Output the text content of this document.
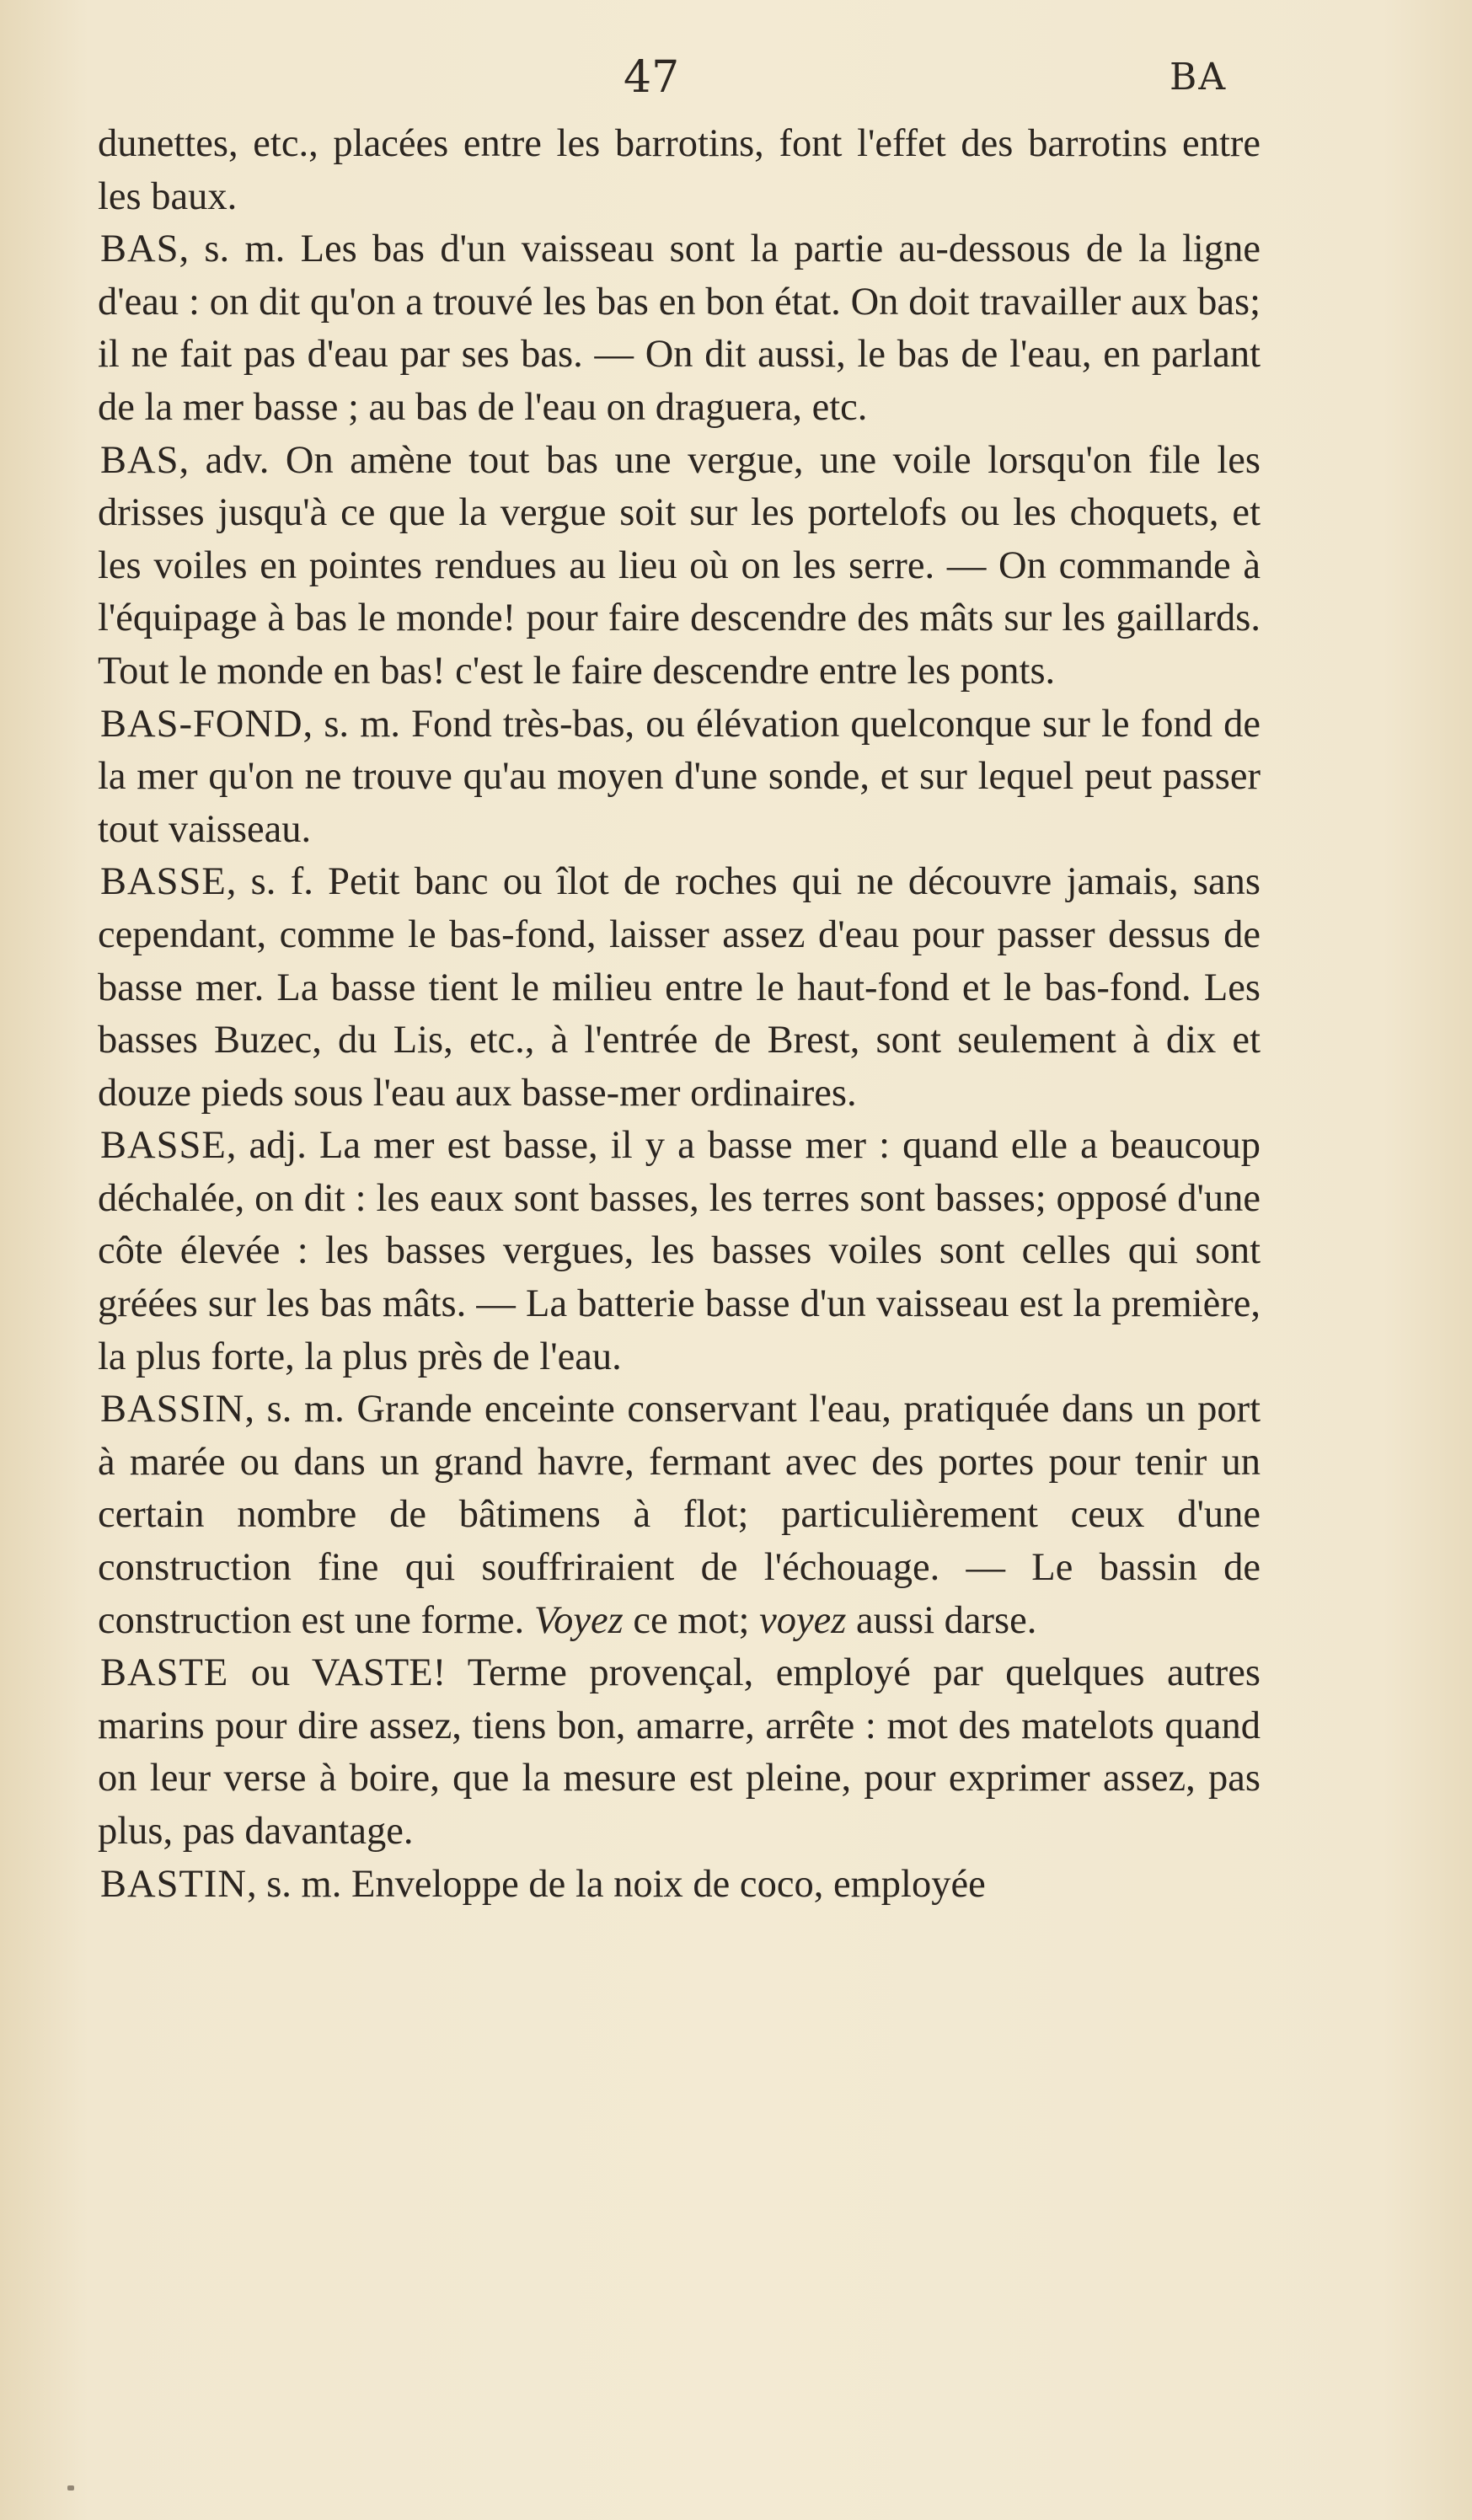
47	BA

dunettes, etc., placées entre les barrotins, font l'effet des barrotins entre les baux.

BAS, s. m. Les bas d'un vaisseau sont la partie au-dessous de la ligne d'eau : on dit qu'on a trouvé les bas en bon état. On doit travailler aux bas; il ne fait pas d'eau par ses bas. — On dit aussi, le bas de l'eau, en parlant de la mer basse ; au bas de l'eau on draguera, etc.

BAS, adv. On amène tout bas une vergue, une voile lorsqu'on file les drisses jusqu'à ce que la vergue soit sur les portelofs ou les choquets, et les voiles en pointes rendues au lieu où on les serre. — On commande à l'équipage à bas le monde! pour faire descendre des mâts sur les gaillards. Tout le monde en bas! c'est le faire descendre entre les ponts.

BAS-FOND, s. m. Fond très-bas, ou élévation quelconque sur le fond de la mer qu'on ne trouve qu'au moyen d'une sonde, et sur lequel peut passer tout vaisseau.

BASSE, s. f. Petit banc ou îlot de roches qui ne découvre jamais, sans cependant, comme le bas-fond, laisser assez d'eau pour passer dessus de basse mer. La basse tient le milieu entre le haut-fond et le bas-fond. Les basses Buzec, du Lis, etc., à l'entrée de Brest, sont seulement à dix et douze pieds sous l'eau aux basse-mer ordinaires.

BASSE, adj. La mer est basse, il y a basse mer : quand elle a beaucoup déchalée, on dit : les eaux sont basses, les terres sont basses; opposé d'une côte élevée : les basses vergues, les basses voiles sont celles qui sont gréées sur les bas mâts. — La batterie basse d'un vaisseau est la première, la plus forte, la plus près de l'eau.

BASSIN, s. m. Grande enceinte conservant l'eau, pratiquée dans un port à marée ou dans un grand havre, fermant avec des portes pour tenir un certain nombre de bâtimens à flot; particulièrement ceux d'une construction fine qui souffriraient de l'échouage. — Le bassin de construction est une forme. Voyez ce mot; voyez aussi darse.

BASTE ou VASTE! Terme provençal, employé par quelques autres marins pour dire assez, tiens bon, amarre, arrête : mot des matelots quand on leur verse à boire, que la mesure est pleine, pour exprimer assez, pas plus, pas davantage.

BASTIN, s. m. Enveloppe de la noix de coco, employée
